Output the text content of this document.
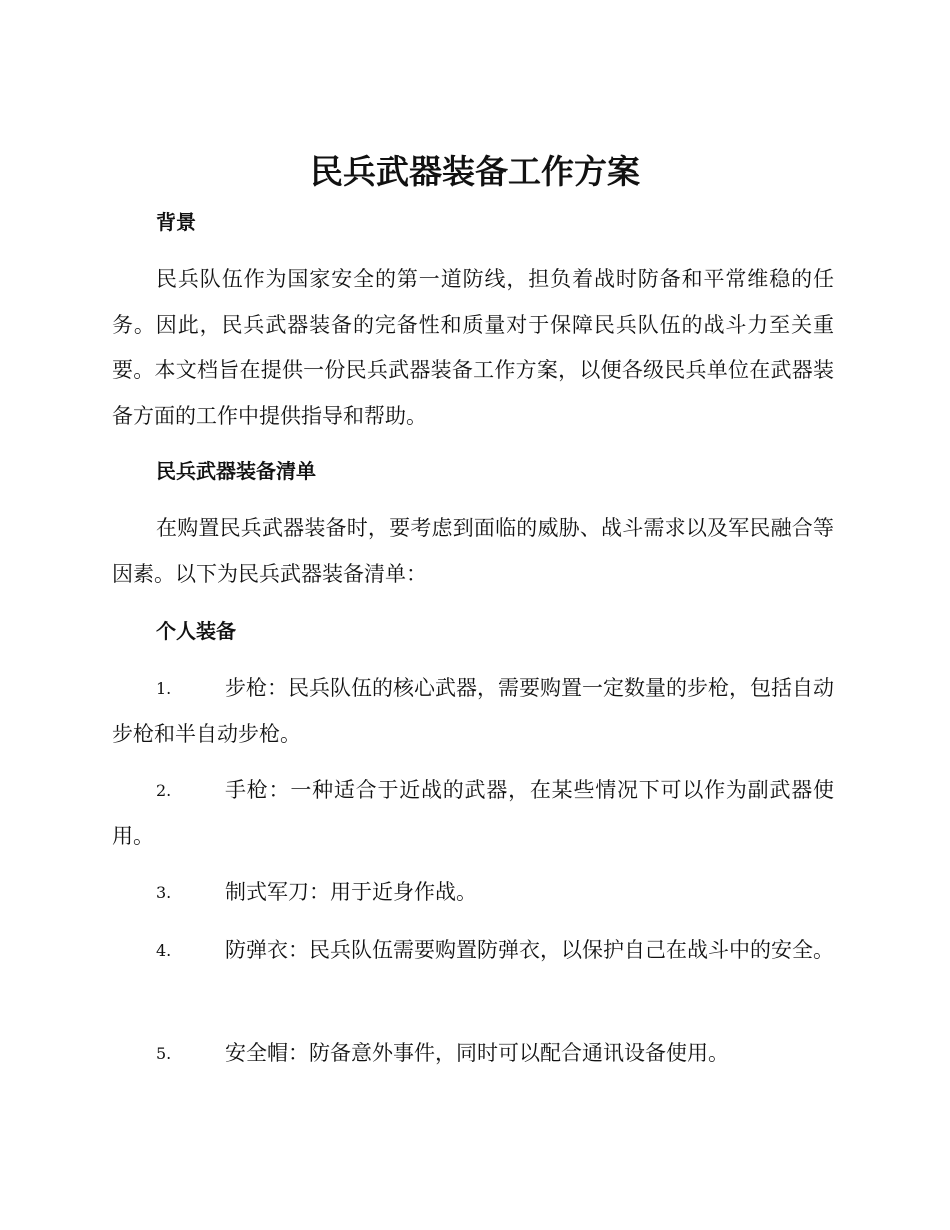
民兵武器装备工作方案
背景
民兵队伍作为国家安全的第一道防线，担负着战时防备和平常维稳的任务。因此，民兵武器装备的完备性和质量对于保障民兵队伍的战斗力至关重要。本文档旨在提供一份民兵武器装备工作方案，以便各级民兵单位在武器装备方面的工作中提供指导和帮助。
民兵武器装备清单
在购置民兵武器装备时，要考虑到面临的威胁、战斗需求以及军民融合等因素。以下为民兵武器装备清单：
个人装备
1.	步枪：民兵队伍的核心武器，需要购置一定数量的步枪，包括自动步枪和半自动步枪。
2.	手枪：一种适合于近战的武器，在某些情况下可以作为副武器使用。
3.	制式军刀：用于近身作战。
4.	防弹衣：民兵队伍需要购置防弹衣，以保护自己在战斗中的安全。
5.	安全帽：防备意外事件，同时可以配合通讯设备使用。
